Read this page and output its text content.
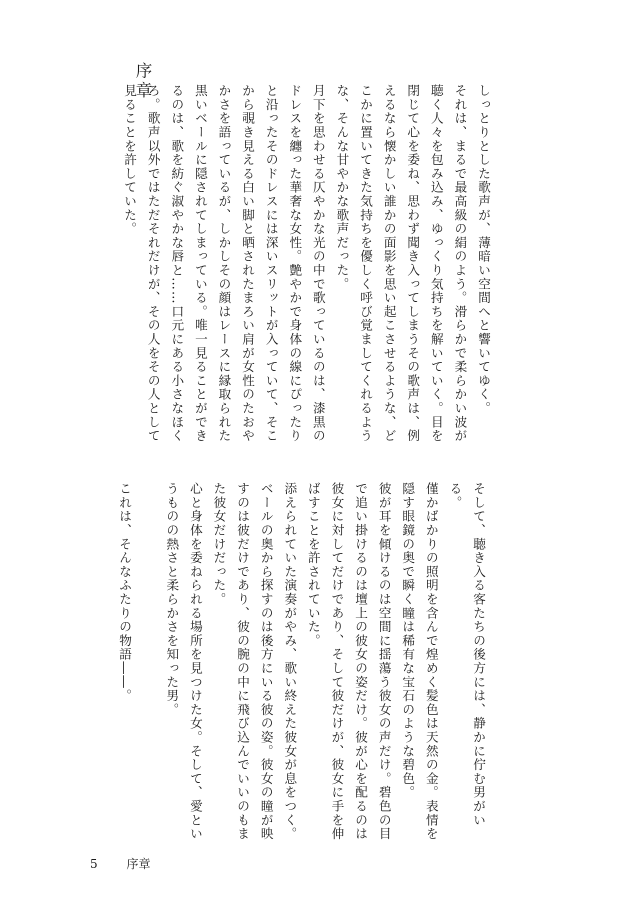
序章

しっとりとした歌声が、薄暗い空間へと響いてゆく。

それは、まるで最高級の絹のよう。滑らかで柔らかい波が聴く人々を包み込み、ゆっくり気持ちを解いていく。目を閉じて心を委ね、思わず聞き入ってしまうその歌声は、例えるなら懐かしい誰かの面影を思い起こさせるような、どこかに置いてきた気持ちを優しく呼び覚ましてくれるような、そんな甘やかな歌声だった。

月下を思わせる仄やかな光の中で歌っているのは、漆黒のドレスを纏った華奢な女性。艶やかで身体の線にぴったりと沿ったそのドレスには深いスリットが入っていて、そこから覗き見える白い脚と晒されたまろい肩が女性のたおやかさを語っているが、しかしその顔はレースに縁取られた黒いベールに隠されてしまっている。唯一見ることができるのは、歌を紡ぐ淑やかな唇と……口元にある小さなほくろ。歌声以外ではただそれだけが、その人をその人として見ることを許していた。

そして、聴き入る客たちの後方には、静かに佇む男がいる。

僅かばかりの照明を含んで煌めく髪色は天然の金。表情を隠す眼鏡の奥で瞬く瞳は稀有な宝石のような碧色。

彼が耳を傾けるのは空間に揺蕩う彼女の声だけ。碧色の目で追い掛けるのは壇上の彼女の姿だけ。彼が心を配るのは彼女に対してだけであり、そして彼だけが、彼女に手を伸ばすことを許されていた。

添えられていた演奏がやみ、歌い終えた彼女が息をつく。ベールの奥から探すのは後方にいる彼の姿。彼女の瞳が映すのは彼だけであり、彼の腕の中に飛び込んでいいのもまた彼女だけだった。

心と身体を委ねられる場所を見つけた女。そして、愛というものの熱さと柔らかさを知った男。

これは、そんなふたりの物語――。

5 序章
